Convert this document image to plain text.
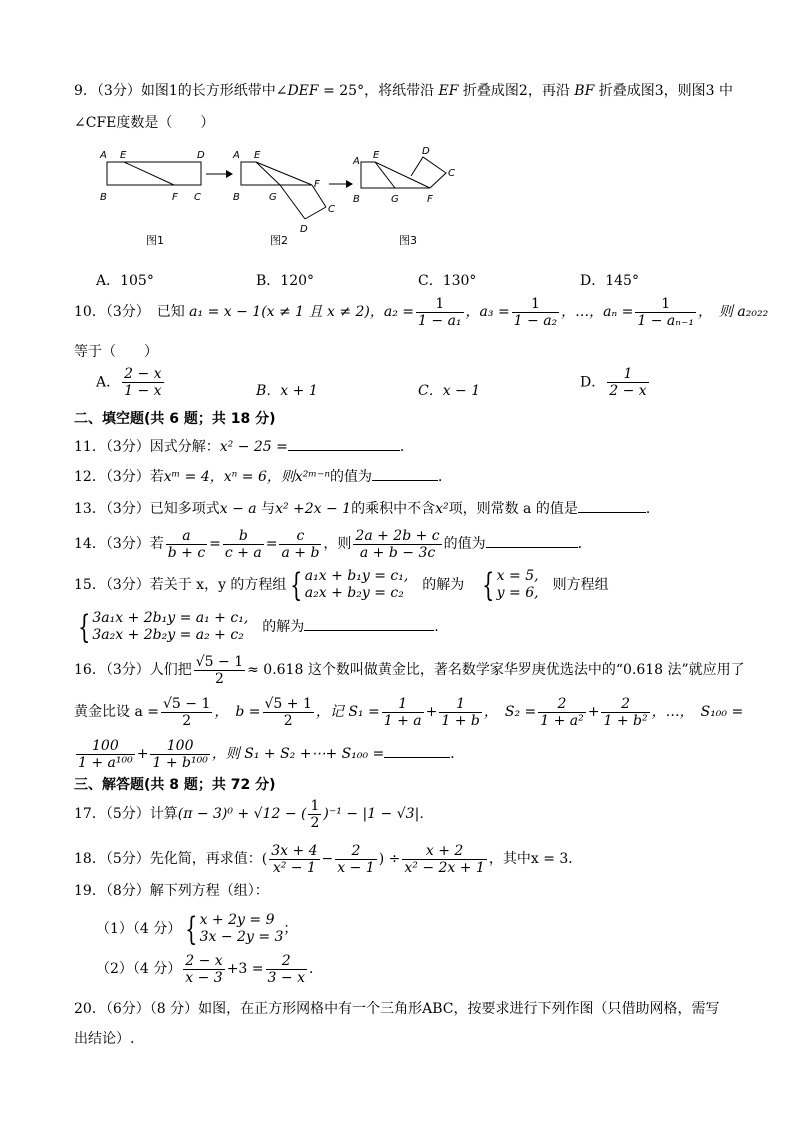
9．（3分）如图1的长方形纸带中∠DEF = 25°，将纸带沿 EF 折叠成图2，再沿 BF 折叠成图3，则图3 中
∠CFE度数是（　　）
A E	D
B	F C
A E
F
B	G
C
D
A
E	D
C
B	G	F
图1	图2	图3
A．105°	B．120°	C．130°	D．145°
10．（3分）　已知 a₁ = x − 1(x ≠ 1 且 x ≠ 2)，$a_2 = \frac{1}{\text{1 − a₁}}$ ，$a_3 = \frac{1}{\text{1 − a₂}}$ ，…，$a_n = \frac{1}{\text{1 − aₙ₋₁}}$ ，　则 a₂₀₂₂
等于（　　）
A． $\frac{2 - x}{1 - x}$	B．x + 1	C．x − 1
D． $\frac{1}{2 - x}$
二、填空题(共 6 题；共 18 分)
11．（3分）因式分解：x² − 25 =	．
12．（3分）若xᵐ = 4，xⁿ = 6，则x²ᵐ⁻ⁿ的值为	．
13．（3分）已知多项式x − a 与x² +2x − 1的乘积中不含x²项，则常数 a 的值是	．
14．（3分）若 $\frac{a}{b + c} = \frac{b}{c + a} = \frac{c}{a + b}$ ，则 $\frac{2a + 2b + c}{a + b - 3c}$ 的值为	．
15．（3分）若关于 x，y 的方程组 { a₁x + b₁y = c₁,
a₂x + b₂y = c₂ 　的解为　{ x = 5,
y = 6, 　则方程组
{ 3a₁x + 2b₁y = a₁ + c₁,
3a₂x + 2b₂y = a₂ + c₂ 　的解为	.
16．（3分）人们把 $\frac{√5 - 1}{2} \approx 0.618$ 这个数叫做黄金比，著名数学家华罗庚优选法中的“0.618 法”就应用了
黄金比设 $a = \frac{√5 - 1}{2}$ ，　$b = \frac{√5 + 1}{2}$ ，记 $S_1 = \frac{1}{1 + a} + \frac{1}{1 + b}$ ，　$S_2 = \frac{2}{\text{1 + a²}} + \frac{2}{\text{1 + b²}}$ ，…，　S₁₀₀ =
$\frac{100}{\text{1 + a¹⁰⁰}} + \frac{100}{\text{1 + b¹⁰⁰}}$ ，则 S₁ + S₂ +⋯+ S₁₀₀ =	．
三、解答题(共 8 题；共 72 分)
17．（5分）计算(π − 3)⁰ + √12 − ( $\frac{1}{2} )^{-1} - |1 - √3|$．
18．（5分）先化简，再求值：( $\frac{3x + 4}{\text{x² − 1}} - \frac{2}{x - 1}$ ) ÷ $\frac{x + 2}{\text{x² − 2x + 1}}$ ，其中x = 3．
19．（8分）解下列方程（组）：
（1）（4 分） { x + 2y = 9
3x − 2y = 3 ；
（2）（4 分） $\frac{2 - x}{x - 3} +3 = \frac{2}{3 - x}$ ．
20．（6分）（8 分）如图，在正方形网格中有一个三角形ABC，按要求进行下列作图（只借助网格，需写
出结论）.
